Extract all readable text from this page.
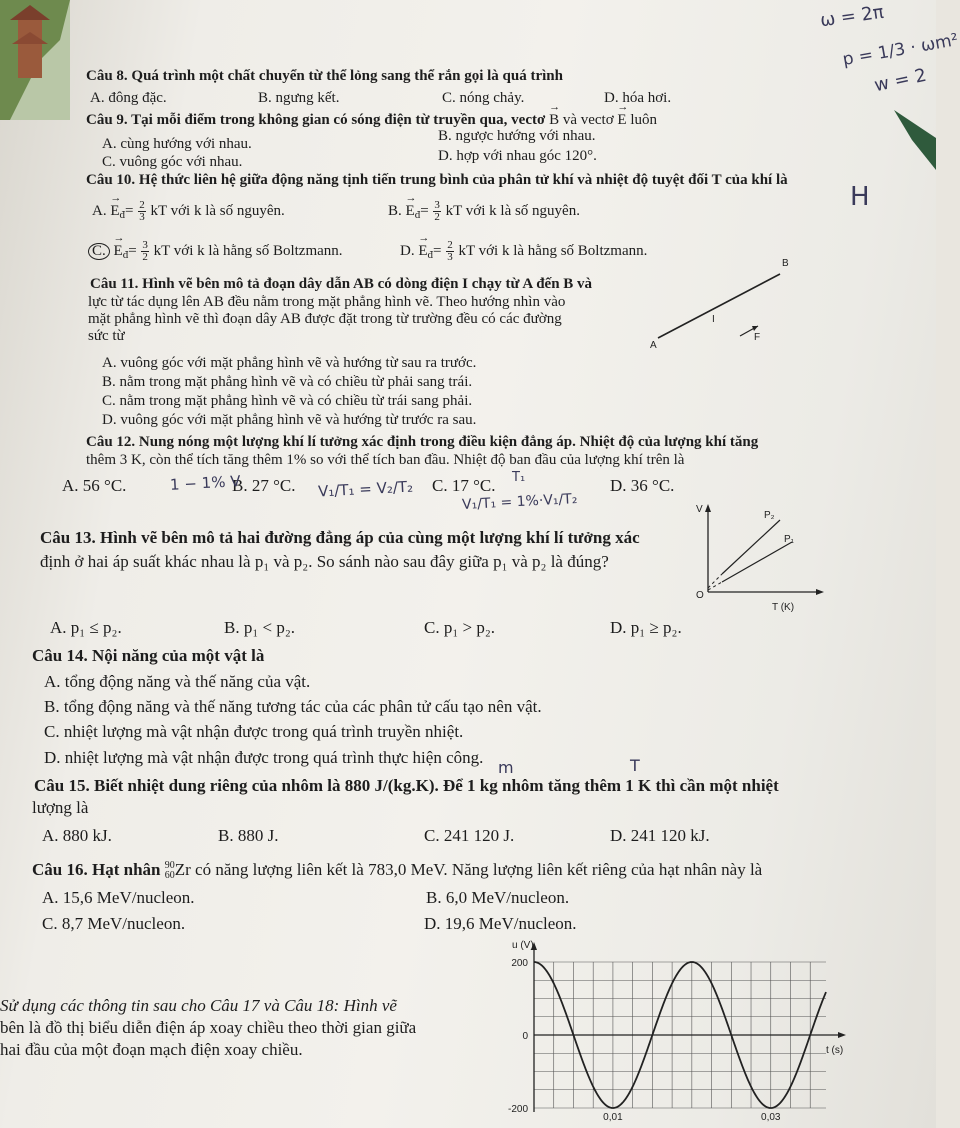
ω = 2π
p = 1/3 · ωm²
w = 2
H
Câu 8. Quá trình một chất chuyển từ thể lỏng sang thể rắn gọi là quá trình
A. đông đặc.	B. ngưng kết.	C. nóng chảy.	D. hóa hơi.
Câu 9. Tại mỗi điểm trong không gian có sóng điện từ truyền qua, vectơ → B và vectơ → E luôn
A. cùng hướng với nhau.	B. ngược hướng với nhau.
C. vuông góc với nhau.	D. hợp với nhau góc 120°.
Câu 10. Hệ thức liên hệ giữa động năng tịnh tiến trung bình của phân tử khí và nhiệt độ tuyệt đối T của khí là
A. → $E_đ= \frac{2}{3}$ kT với k là số nguyên.	B. → $E_đ= \frac{3}{2}$ kT với k là số nguyên.
C. → $E_đ= \frac{3}{2}$ kT với k là hằng số Boltzmann.	D. → $E_đ= \frac{2}{3}$ kT với k là hằng số Boltzmann.
Câu 11. Hình vẽ bên mô tả đoạn dây dẫn AB có dòng điện I chạy từ A đến B và
lực từ tác dụng lên AB đều nằm trong mặt phẳng hình vẽ. Theo hướng nhìn vào
mặt phẳng hình vẽ thì đoạn dây AB được đặt trong từ trường đều có các đường
sức từ
B
A
I
F
A. vuông góc với mặt phẳng hình vẽ và hướng từ sau ra trước.
B. nằm trong mặt phẳng hình vẽ và có chiều từ phải sang trái.
C. nằm trong mặt phẳng hình vẽ và có chiều từ trái sang phải.
D. vuông góc với mặt phẳng hình vẽ và hướng từ trước ra sau.
Câu 12. Nung nóng một lượng khí lí tưởng xác định trong điều kiện đẳng áp. Nhiệt độ của lượng khí tăng
thêm 3 K, còn thể tích tăng thêm 1% so với thể tích ban đầu. Nhiệt độ ban đầu của lượng khí trên là
A. 56 °C.	B. 27 °C.	C. 17 °C.	D. 36 °C.
1 − 1% V	V₁/T₁ = V₂/T₂
V₁/T₁ = 1%·V₁/T₂
T₁
Câu 13. Hình vẽ bên mô tả hai đường đẳng áp của cùng một lượng khí lí tưởng xác
định ở hai áp suất khác nhau là p₁ và p₂. So sánh nào sau đây giữa p₁ và p₂ là đúng?
V
P₂
P₁
O
T (K)
A. p₁ ≤ p₂.	B. p₁ < p₂.	C. p₁ > p₂.	D. p₁ ≥ p₂.
Câu 14. Nội năng của một vật là
A. tổng động năng và thế năng của vật.
B. tổng động năng và thế năng tương tác của các phân tử cấu tạo nên vật.
C. nhiệt lượng mà vật nhận được trong quá trình truyền nhiệt.
D. nhiệt lượng mà vật nhận được trong quá trình thực hiện công.
Câu 15. Biết nhiệt dung riêng của nhôm là 880 J/(kg.K). Để 1 kg nhôm tăng thêm 1 K thì cần một nhiệt
lượng là
m	T
A. 880 kJ.	B. 880 J.	C. 241 120 J.	D. 241 120 kJ.
Câu 16. Hạt nhân 90
60 Zr có năng lượng liên kết là 783,0 MeV. Năng lượng liên kết riêng của hạt nhân này là
A. 15,6 MeV/nucleon.	B. 6,0 MeV/nucleon.
C. 8,7 MeV/nucleon.	D. 19,6 MeV/nucleon.
Sử dụng các thông tin sau cho Câu 17 và Câu 18: Hình vẽ
bên là đồ thị biểu diễn điện áp xoay chiều theo thời gian giữa
hai đầu của một đoạn mạch điện xoay chiều.
u (V)
t (s)
200
0
-200
0,01	0,03
